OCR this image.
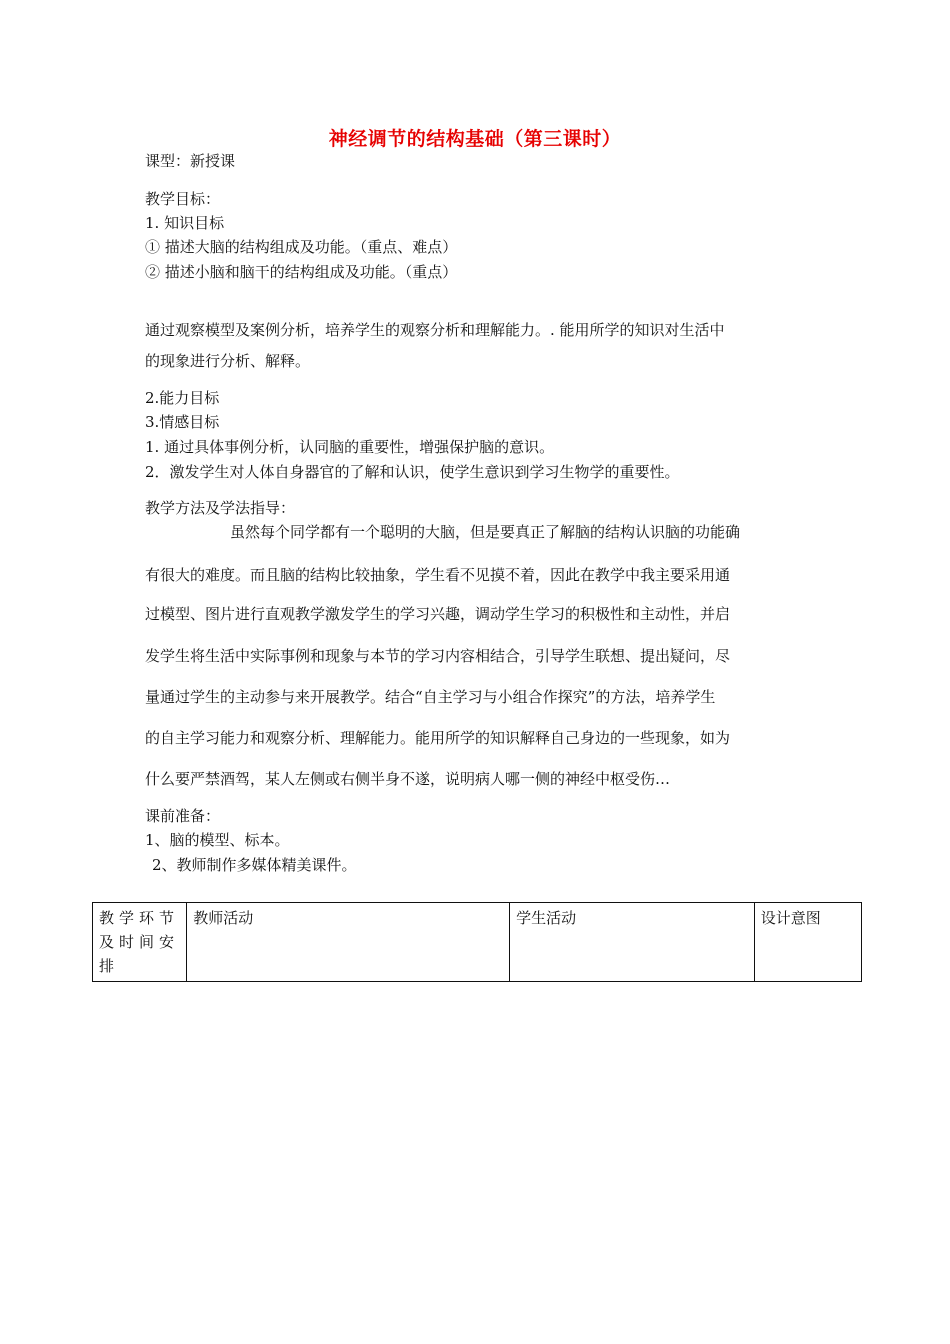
神经调节的结构基础（第三课时）
课型：新授课
教学目标：
1. 知识目标
① 描述大脑的结构组成及功能。（重点、难点）
② 描述小脑和脑干的结构组成及功能。（重点）
通过观察模型及案例分析，培养学生的观察分析和理解能力。. 能用所学的知识对生活中
的现象进行分析、解释。
2.能力目标
3.情感目标
1. 通过具体事例分析，认同脑的重要性，增强保护脑的意识。
2．激发学生对人体自身器官的了解和认识，使学生意识到学习生物学的重要性。
教学方法及学法指导：
虽然每个同学都有一个聪明的大脑，但是要真正了解脑的结构认识脑的功能确
有很大的难度。而且脑的结构比较抽象，学生看不见摸不着，因此在教学中我主要采用通
过模型、图片进行直观教学激发学生的学习兴趣，调动学生学习的积极性和主动性，并启
发学生将生活中实际事例和现象与本节的学习内容相结合，引导学生联想、提出疑问，尽
量通过学生的主动参与来开展教学。结合“自主学习与小组合作探究”的方法，培养学生
的自主学习能力和观察分析、理解能力。能用所学的知识解释自己身边的一些现象，如为
什么要严禁酒驾，某人左侧或右侧半身不遂，说明病人哪一侧的神经中枢受伤…
课前准备：
1、脑的模型、标本。
2、教师制作多媒体精美课件。
教学环节及时间安排	教师活动	学生活动	设计意图
